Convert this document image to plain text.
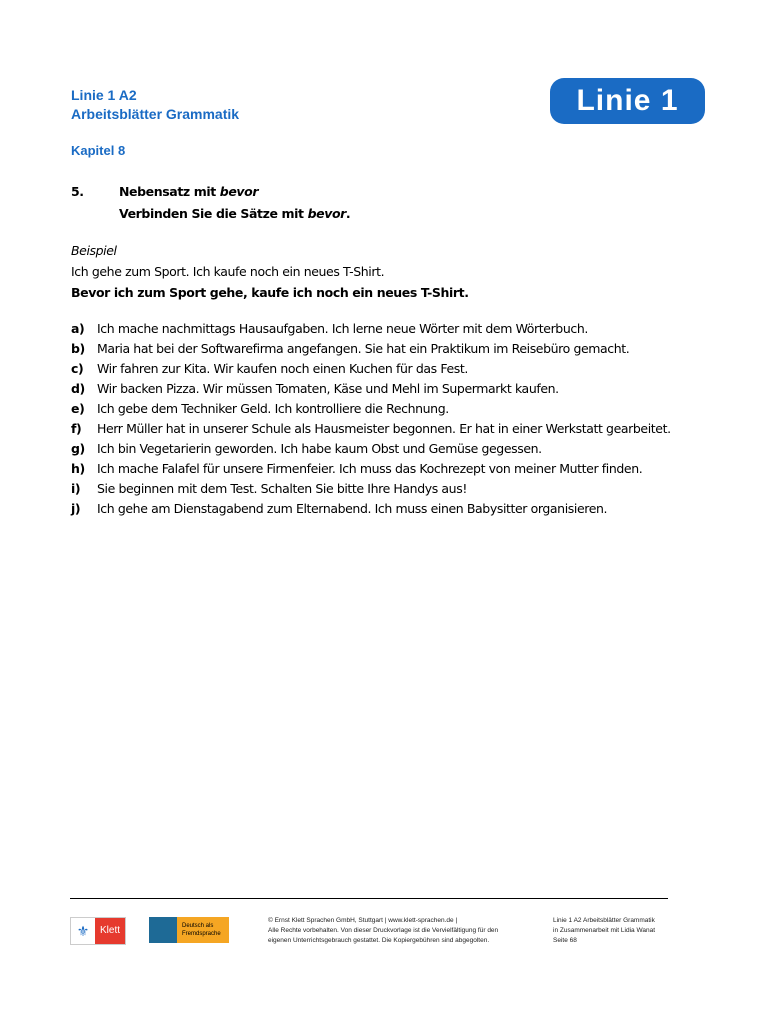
Linie 1 A2
Arbeitsblätter Grammatik
Kapitel 8
Linie 1
5.	Nebensatz mit bevor
Verbinden Sie die Sätze mit bevor.
Beispiel
Ich gehe zum Sport. Ich kaufe noch ein neues T-Shirt.
Bevor ich zum Sport gehe, kaufe ich noch ein neues T-Shirt.
a) Ich mache nachmittags Hausaufgaben. Ich lerne neue Wörter mit dem Wörterbuch.
b) Maria hat bei der Softwarefirma angefangen. Sie hat ein Praktikum im Reisebüro gemacht.
c) Wir fahren zur Kita. Wir kaufen noch einen Kuchen für das Fest.
d) Wir backen Pizza. Wir müssen Tomaten, Käse und Mehl im Supermarkt kaufen.
e) Ich gebe dem Techniker Geld. Ich kontrolliere die Rechnung.
f) Herr Müller hat in unserer Schule als Hausmeister begonnen. Er hat in einer Werkstatt gearbeitet.
g) Ich bin Vegetarierin geworden. Ich habe kaum Obst und Gemüse gegessen.
h) Ich mache Falafel für unsere Firmenfeier. Ich muss das Kochrezept von meiner Mutter finden.
i) Sie beginnen mit dem Test. Schalten Sie bitte Ihre Handys aus!
j) Ich gehe am Dienstagabend zum Elternabend. Ich muss einen Babysitter organisieren.
⚜	Klett	Deutsch als
Fremdsprache
© Ernst Klett Sprachen GmbH, Stuttgart | www.klett-sprachen.de |
Alle Rechte vorbehalten. Von dieser Druckvorlage ist die Vervielfältigung für den
eigenen Unterrichtsgebrauch gestattet. Die Kopiergebühren sind abgegolten.
Linie 1 A2 Arbeitsblätter Grammatik
in Zusammenarbeit mit Lidia Wanat
Seite 68
